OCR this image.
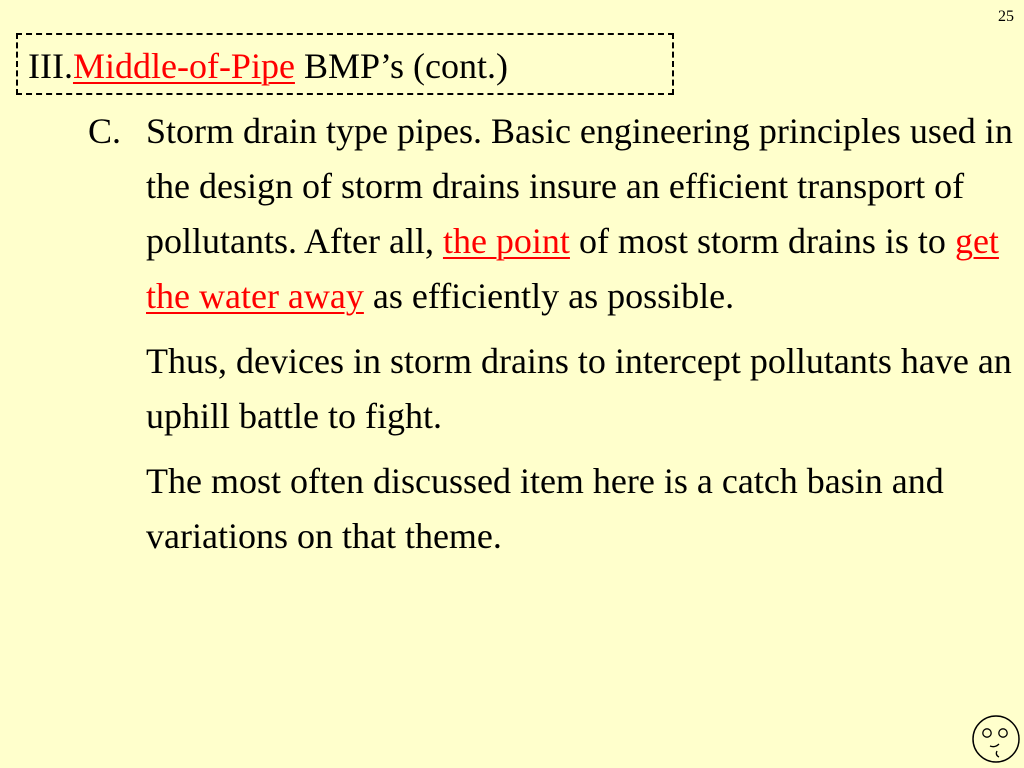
25
III.Middle-of-Pipe BMP’s (cont.)
C. Storm drain type pipes. Basic engineering principles used in the design of storm drains insure an efficient transport of pollutants. After all, the point of most storm drains is to get the water away as efficiently as possible.
Thus, devices in storm drains to intercept pollutants have an uphill battle to fight.
The most often discussed item here is a catch basin and variations on that theme.
